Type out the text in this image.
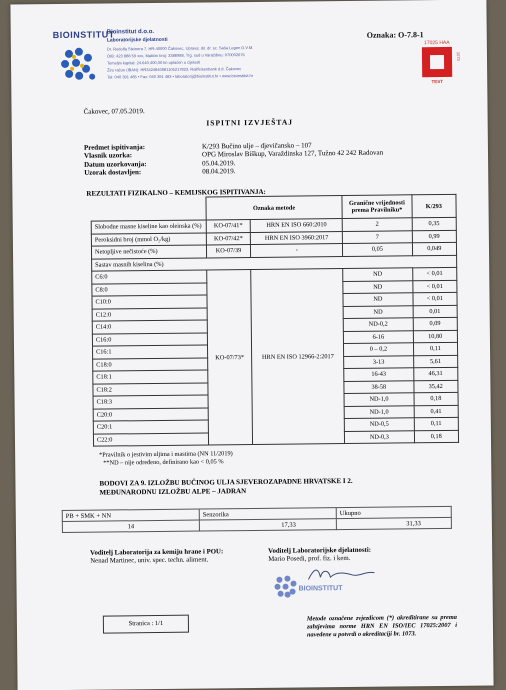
BIOINSTITUT
Bioinstitut d.o.o.
Laboratorijske djelatnosti
Dr. Rudolfa Steinera 7, HR-40000 Čakovec, Uprava: dir. dr. sc. Saša Legen D.V.M.
OIB: 423 888 59 xxx, Matični broj: 3388988, Trg. sud u Varaždinu: 070002676
Temeljni kapital: 24.640.400,00 kn uplaćen u cijelosti
Žiro račun (IBAN): HR3424840081105217823, Raiffeisenbank d.d. Čakovec
Tel: 040 391 485 • Fax: 040 391 483 • laboratorij@bioinstitut.hr • www.bioinstitut.hr
Oznaka: O-7.8-1
17025 HAA
1073
TEST
Čakovec, 07.05.2019.
ISPITNI IZVJEŠTAJ
Predmet ispitivanja:	K/293 Bučino ulje – djevičansko – 107
Vlasnik uzorka:	OPG Miroslav Biškup, Varaždinska 127, Tužno 42 242 Radovan
Datum uzorkovanja:	05.04.2019.
Uzorak dostavljen:	08.04.2019.
REZULTATI FIZIKALNO – KEMIJSKOG ISPITIVANJA:
	Oznaka metode		Granične vrijednosti prema Pravilniku*	K/293
Slobodne masne kiseline kao oleinska (%)	KO-07/41*	HRN EN ISO 660:2010	2	0,35
Peroksidni broj (mmol O₂/kg)	KO-07/42*	HRN EN ISO 3960:2017	7	0,99
Netopljive nečistoće (%)	KO-07/39	-	0,05	0,049
Sastav masnih kiselina (%)				
C6:0	KO-07/73*	HRN EN ISO 12966-2:2017	ND	< 0,01
C8:0			ND	< 0,01
C10:0			ND	< 0,01
C12:0			ND	0,01
C14:0			ND-0,2	0,09
C16:0			6-16	10,80
C16:1			0 – 0,2	0,11
C18:0			3-13	5,61
C18:1			16-43	46,31
C18:2			38-58	35,42
C18:3			ND-1,0	0,18
C20:0			ND-1,0	0,41
C20:1			ND-0,5	0,11
C22:0			ND-0,3	0,18
*Pravilnik o jestivim uljima i mastima (NN 11/2019)
**ND – nije određeno, definirano kao < 0,05 %
BODOVI ZA 9. IZLOŽBU BUČINOG ULJA SJEVEROZAPADNE HRVATSKE I 2.
MEĐUNARODNU IZLOŽBU ALPE – JADRAN
PB + SMK + NN	Senzorika	Ukupno
14	17,33	31,33
Voditelj Laboratorija za kemiju hrane i POU:
Nenad Martinec, univ. spec. techn. aliment.
Voditelj Laboratorijske djelatnosti:
Mario Posedi, prof. fiz. i kem.
BIOINSTITUT
Stranica : 1/1
Metode označene zvjezdicom (*) akreditirane su prema zahtjevima norme HRN EN ISO/IEC 17025:2007 i navedene u potvrdi o akreditaciji br. 1073.
